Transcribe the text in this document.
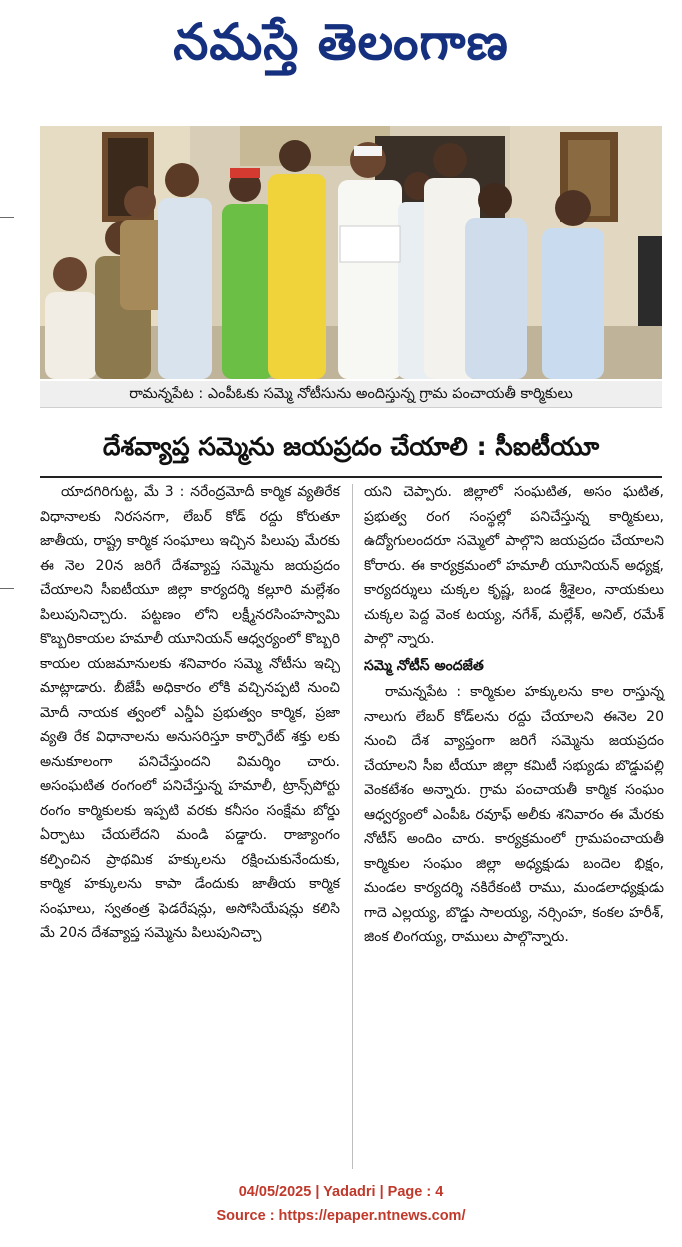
నమస్తే తెలంగాణ
రామన్నపేట : ఎంపీఓకు సమ్మె నోటీసును అందిస్తున్న గ్రామ పంచాయతీ కార్మికులు
దేశవ్యాప్త సమ్మెను జయప్రదం చేయాలి : సీఐటీయూ

యాదగిరిగుట్ట, మే 3 : నరేంద్రమోదీ కార్మిక వ్యతిరేక విధానాలకు నిరసనగా, లేబర్ కోడ్ రద్దు కోరుతూ జాతీయ, రాష్ట్ర కార్మిక సంఘాలు ఇచ్చిన పిలుపు మేరకు ఈ నెల 20న జరిగే దేశవ్యాప్త సమ్మెను జయప్రదం చేయాలని సీఐటీయూ జిల్లా కార్యదర్శి కల్లూరి మల్లేశం పిలుపునిచ్చారు. పట్టణం లోని లక్ష్మీనరసింహస్వామి కొబ్బరికాయల హమాలీ యూనియన్ ఆధ్వర్యంలో కొబ్బరి కాయల యజమానులకు శనివారం సమ్మె నోటీసు ఇచ్చి మాట్లాడారు. బీజేపీ అధికారం లోకి వచ్చినప్పటి నుంచి మోదీ నాయక త్వంలో ఎన్డీఏ ప్రభుత్వం కార్మిక, ప్రజా వ్యతి రేక విధానాలను అనుసరిస్తూ కార్పొరేట్ శక్తు లకు అనుకూలంగా పనిచేస్తుందని విమర్శిం చారు. అసంఘటిత రంగంలో పనిచేస్తున్న హమాలీ, ట్రాన్స్‌పోర్టు రంగం కార్మికులకు ఇప్పటి వరకు కనీసం సంక్షేమ బోర్డు ఏర్పాటు చేయలేదని మండి పడ్డారు. రాజ్యాంగం కల్పించిన ప్రాథమిక హక్కులను రక్షించుకునేందుకు, కార్మిక హక్కులను కాపా డేందుకు జాతీయ కార్మిక సంఘాలు, స్వతంత్ర ఫెడరేషన్లు, అసోసియేషన్లు కలిసి మే 20న దేశవ్యాప్త సమ్మెను పిలుపునిచ్చా

యని చెప్పారు. జిల్లాలో సంఘటిత, అసం ఘటిత, ప్రభుత్వ రంగ సంస్థల్లో పనిచేస్తున్న కార్మికులు, ఉద్యోగులందరూ సమ్మెలో పాల్గొని జయప్రదం చేయాలని కోరారు. ఈ కార్యక్రమంలో హమాలీ యూనియన్ అధ్యక్ష, కార్యదర్శులు చుక్కల కృష్ణ, బండ శ్రీశైలం, నాయకులు చుక్కల పెద్ద వెంక టయ్య, నగేశ్, మల్లేశ్, అనిల్, రమేశ్ పాల్గొ న్నారు.

సమ్మె నోటీస్ అందజేత

రామన్నపేట : కార్మికుల హక్కులను కాల రాస్తున్న నాలుగు లేబర్ కోడ్‌లను రద్దు చేయాలని ఈనెల 20 నుంచి దేశ వ్యాప్తంగా జరిగే సమ్మెను జయప్రదం చేయాలని సీఐ టీయూ జిల్లా కమిటీ సభ్యుడు బొడ్డుపల్లి వెంకటేశం అన్నారు. గ్రామ పంచాయతీ కార్మిక సంఘం ఆధ్వర్యంలో ఎంపీఓ రవూఫ్ అలీకు శనివారం ఈ మేరకు నోటీస్ అందిం చారు. కార్యక్రమంలో గ్రామపంచాయతీ కార్మికుల సంఘం జిల్లా అధ్యక్షుడు బందెల భిక్షం, మండల కార్యదర్శి నకిరేకంటి రాము, మండలాధ్యక్షుడు గాదె ఎల్లయ్య, బొడ్డు సాలయ్య, నర్సింహ, కంకల హరీశ్, జింక లింగయ్య, రాములు పాల్గొన్నారు.

04/05/2025 | Yadadri | Page : 4
Source : https://epaper.ntnews.com/
